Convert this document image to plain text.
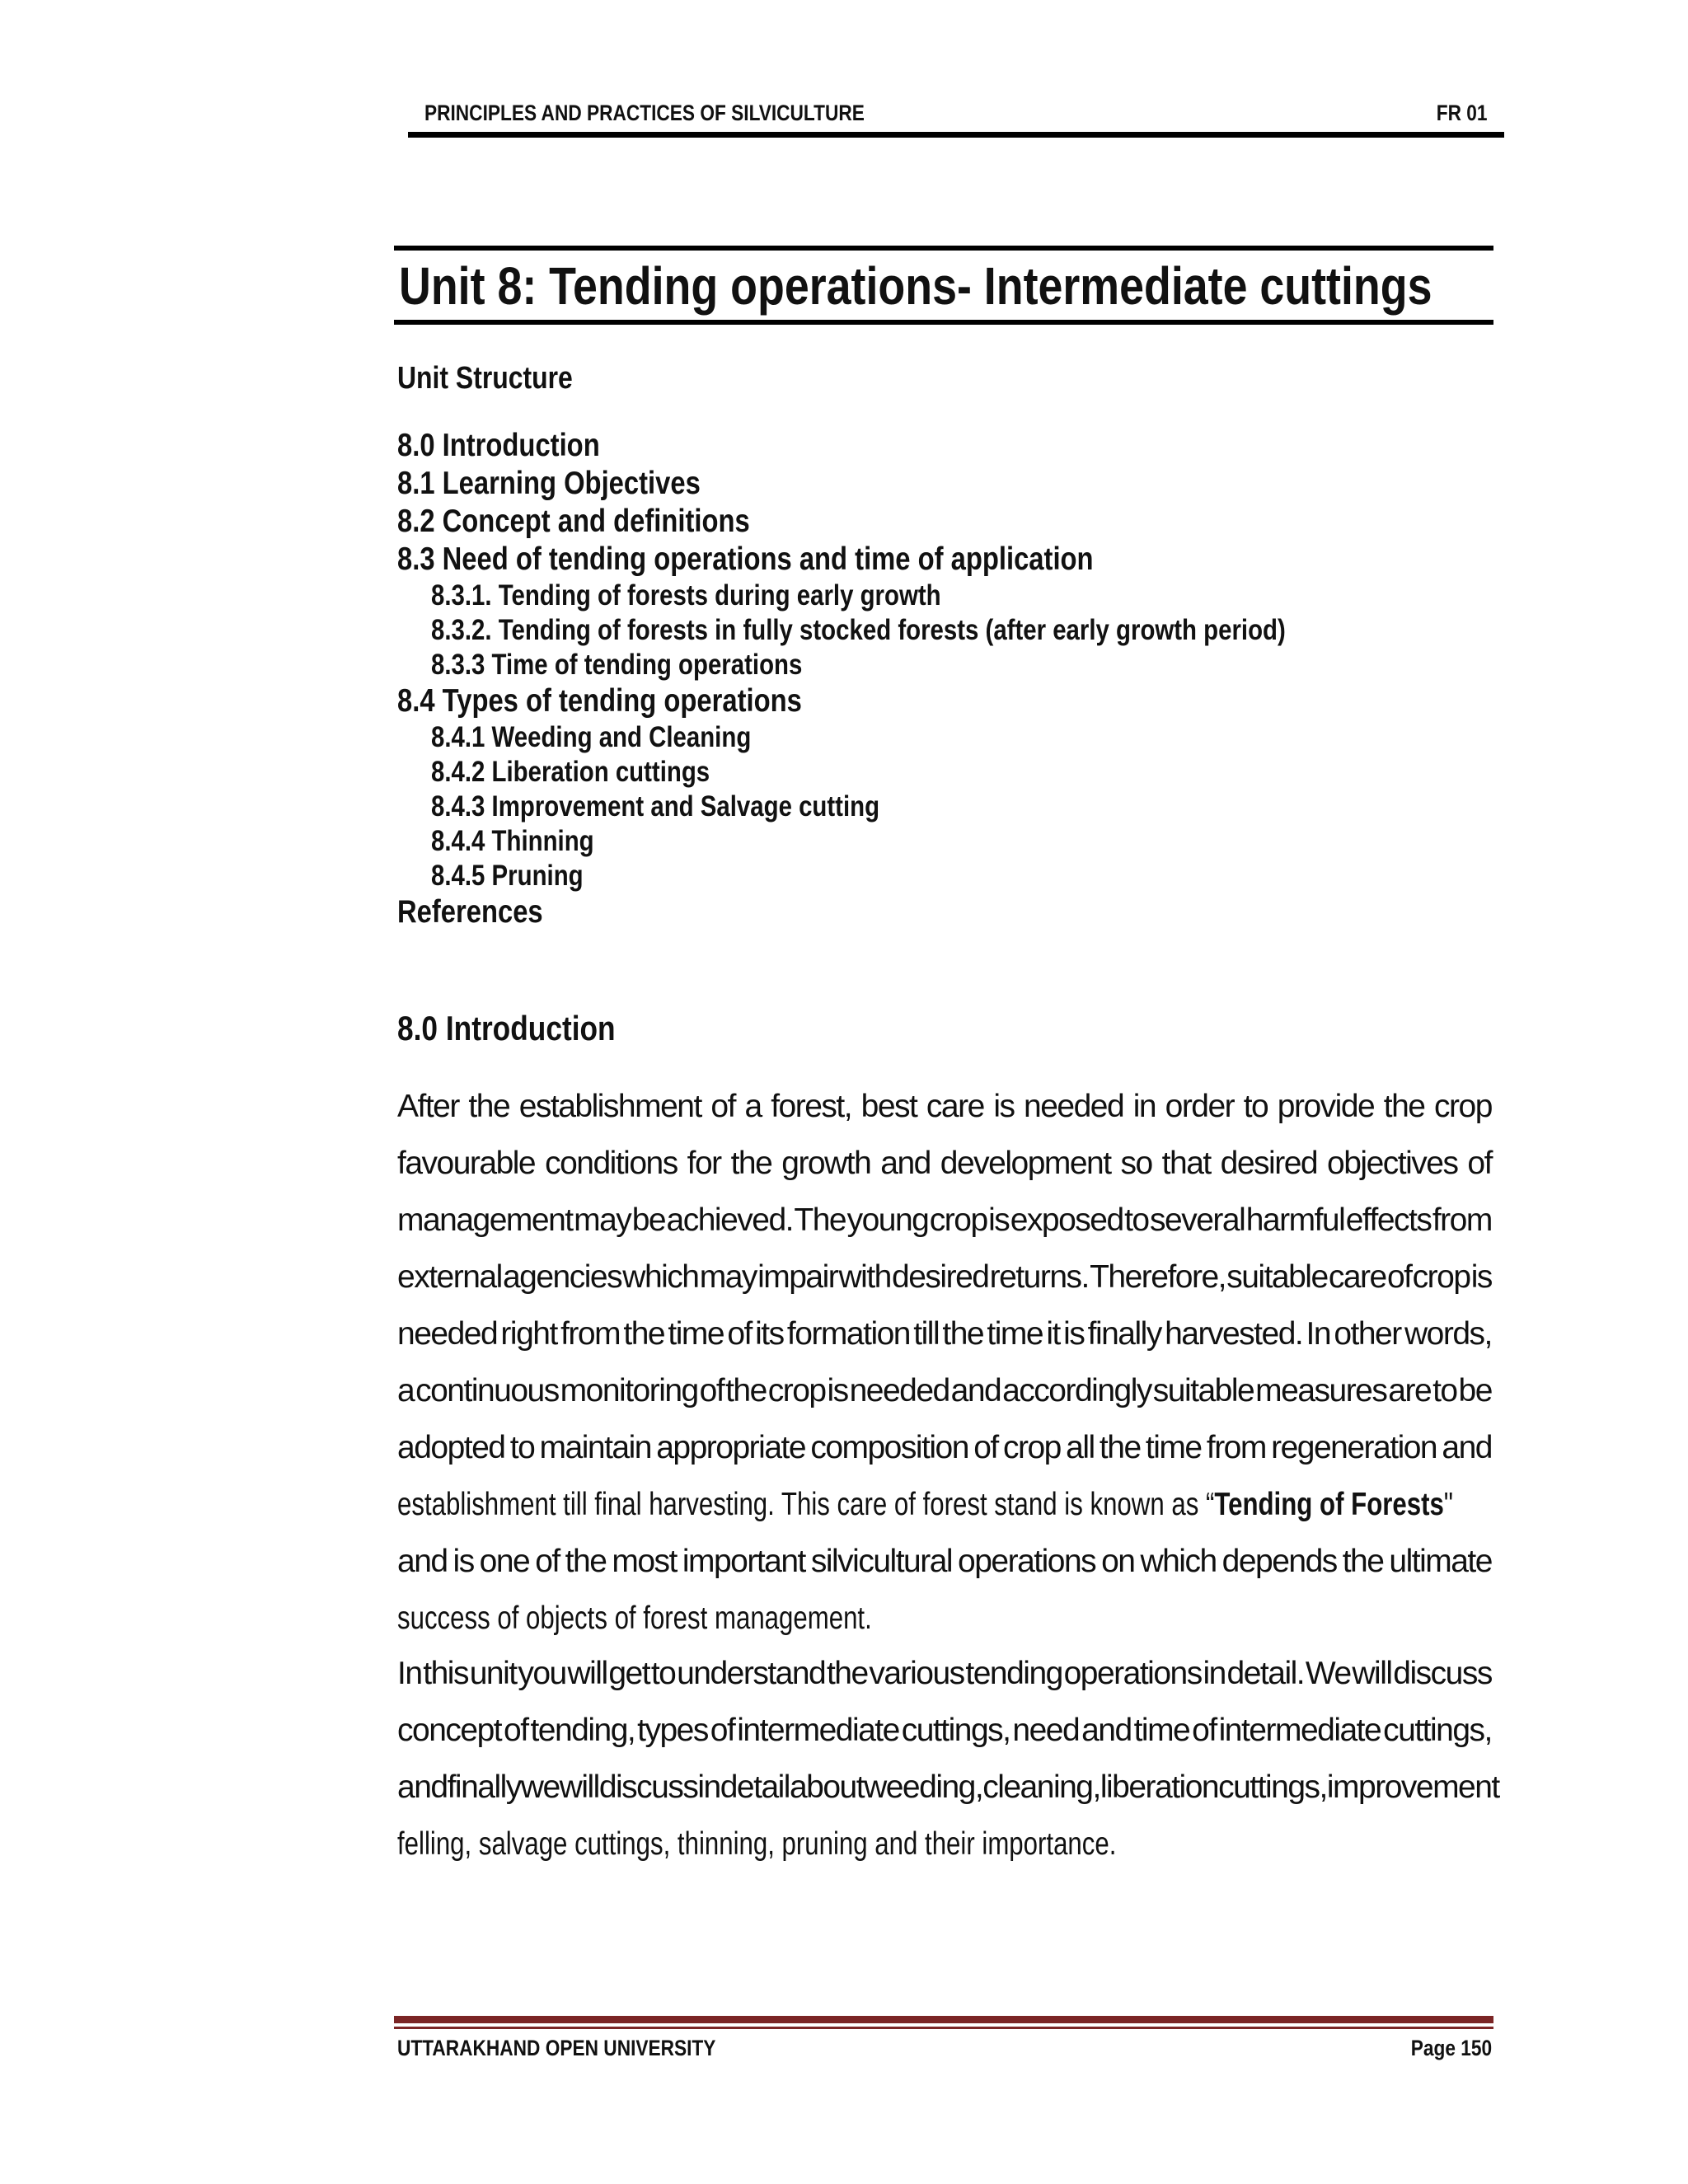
PRINCIPLES AND PRACTICES OF SILVICULTURE	FR 01
Unit 8: Tending operations- Intermediate cuttings
Unit Structure
8.0 Introduction
8.1 Learning Objectives
8.2 Concept and definitions
8.3 Need of tending operations and time of application
8.3.1. Tending of forests during early growth
8.3.2. Tending of forests in fully stocked forests (after early growth period)
8.3.3 Time of tending operations
8.4 Types of tending operations
8.4.1 Weeding and Cleaning
8.4.2 Liberation cuttings
8.4.3 Improvement and Salvage cutting
8.4.4 Thinning
8.4.5 Pruning
References
8.0 Introduction
After the establishment of a forest, best care is needed in order to provide the crop
favourable conditions for the growth and development so that desired objectives of
management may be achieved. The young crop is exposed to several harmful effects from
external agencies which may impair with desired returns. Therefore, suitable care of crop is
needed right from the time of its formation till the time it is finally harvested. In other words,
a continuous monitoring of the crop is needed and accordingly suitable measures are to be
adopted to maintain appropriate composition of crop all the time from regeneration and
establishment till final harvesting. This care of forest stand is known as “Tending of Forests"
and is one of the most important silvicultural operations on which depends the ultimate
success of objects of forest management.
In this unit you will get to understand the various tending operations in detail. We will discuss
concept of tending, types of intermediate cuttings, need and time of intermediate cuttings,
and finally we will discuss in detail about weeding, cleaning, liberation cuttings, improvement
felling, salvage cuttings, thinning, pruning and their importance.
UTTARAKHAND OPEN UNIVERSITY	Page 150
